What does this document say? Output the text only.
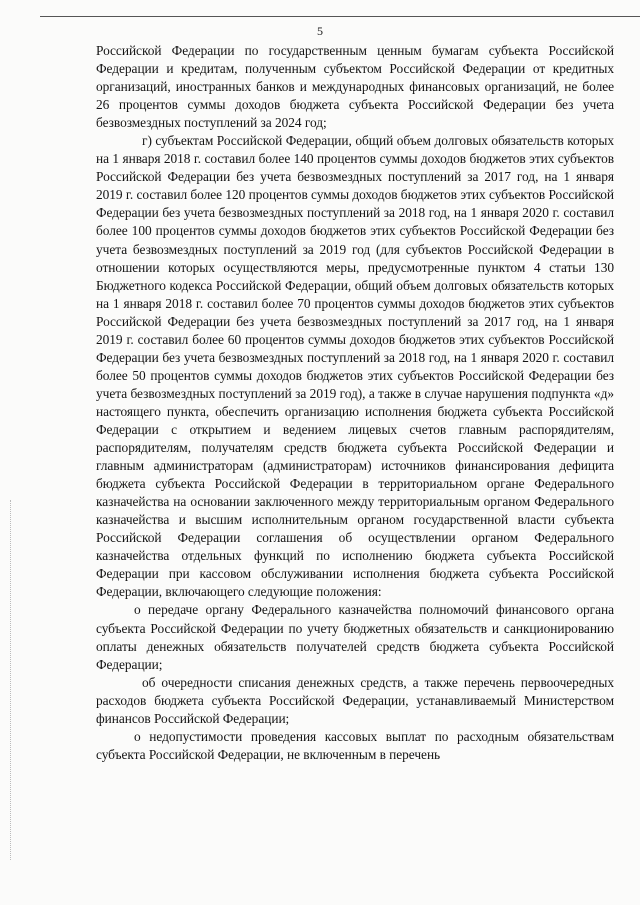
5

Российской Федерации по государственным ценным бумагам субъекта Российской Федерации и кредитам, полученным субъектом Российской Федерации от кредитных организаций, иностранных банков и международных финансовых организаций, не более 26 процентов суммы доходов бюджета субъекта Российской Федерации без учета безвозмездных поступлений за 2024 год;

г) субъектам Российской Федерации, общий объем долговых обязательств которых на 1 января 2018 г. составил более 140 процентов суммы доходов бюджетов этих субъектов Российской Федерации без учета безвозмездных поступлений за 2017 год, на 1 января 2019 г. составил более 120 процентов суммы доходов бюджетов этих субъектов Российской Федерации без учета безвозмездных поступлений за 2018 год, на 1 января 2020 г. составил более 100 процентов суммы доходов бюджетов этих субъектов Российской Федерации без учета безвозмездных поступлений за 2019 год (для субъектов Российской Федерации в отношении которых осуществляются меры, предусмотренные пунктом 4 статьи 130 Бюджетного кодекса Российской Федерации, общий объем долговых обязательств которых на 1 января 2018 г. составил более 70 процентов суммы доходов бюджетов этих субъектов Российской Федерации без учета безвозмездных поступлений за 2017 год, на 1 января 2019 г. составил более 60 процентов суммы доходов бюджетов этих субъектов Российской Федерации без учета безвозмездных поступлений за 2018 год, на 1 января 2020 г. составил более 50 процентов суммы доходов бюджетов этих субъектов Российской Федерации без учета безвозмездных поступлений за 2019 год), а также в случае нарушения подпункта «д» настоящего пункта, обеспечить организацию исполнения бюджета субъекта Российской Федерации с открытием и ведением лицевых счетов главным распорядителям, распорядителям, получателям средств бюджета субъекта Российской Федерации и главным администраторам (администраторам) источников финансирования дефицита бюджета субъекта Российской Федерации в территориальном органе Федерального казначейства на основании заключенного между территориальным органом Федерального казначейства и высшим исполнительным органом государственной власти субъекта Российской Федерации соглашения об осуществлении органом Федерального казначейства отдельных функций по исполнению бюджета субъекта Российской Федерации при кассовом обслуживании исполнения бюджета субъекта Российской Федерации, включающего следующие положения:

о передаче органу Федерального казначейства полномочий финансового органа субъекта Российской Федерации по учету бюджетных обязательств и санкционированию оплаты денежных обязательств получателей средств бюджета субъекта Российской Федерации;

об очередности списания денежных средств, а также перечень первоочередных расходов бюджета субъекта Российской Федерации, устанавливаемый Министерством финансов Российской Федерации;

о недопустимости проведения кассовых выплат по расходным обязательствам субъекта Российской Федерации, не включенным в перечень
